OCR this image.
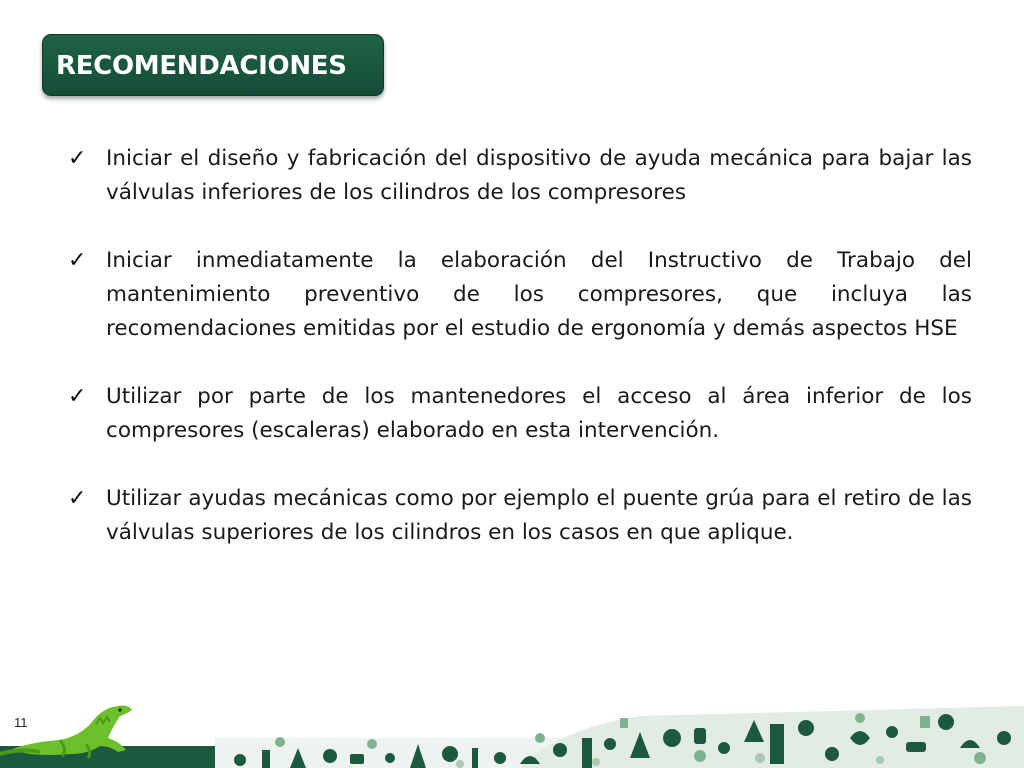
RECOMENDACIONES
✓ Iniciar el diseño y fabricación del dispositivo de ayuda mecánica para bajar las válvulas inferiores de los cilindros de los compresores
✓ Iniciar inmediatamente la elaboración del Instructivo de Trabajo del mantenimiento preventivo de los compresores, que incluya las recomendaciones emitidas por el estudio de ergonomía y demás aspectos HSE
✓ Utilizar por parte de los mantenedores el acceso al área inferior de los compresores (escaleras) elaborado en esta intervención.
✓ Utilizar ayudas mecánicas como por ejemplo el puente grúa para el retiro de las válvulas superiores de los cilindros en los casos en que aplique.
11
